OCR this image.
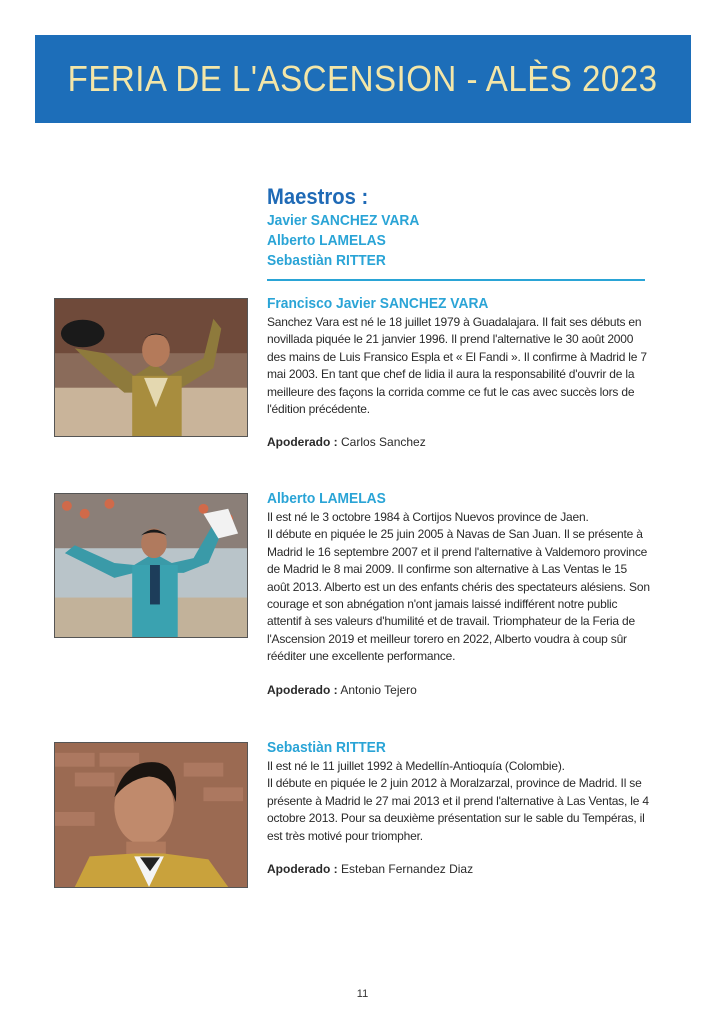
FERIA DE L'ASCENSION - ALÈS 2023
Maestros :
Javier SANCHEZ VARA
Alberto LAMELAS
Sebastiàn RITTER
Francisco Javier SANCHEZ VARA

Sanchez Vara est né le 18 juillet 1979 à Guadalajara. Il fait ses débuts en novillada piquée le 21 janvier 1996. Il prend l'alternative le 30 août 2000 des mains de Luis Fransico Espla et « El Fandi ». Il confirme à Madrid le 7 mai 2003. En tant que chef de lidia il aura la responsabilité d'ouvrir de la meilleure des façons la corrida comme ce fut le cas avec succès lors de l'édition précédente.

Apoderado : Carlos Sanchez
Alberto LAMELAS

Il est né le 3 octobre 1984 à Cortijos Nuevos province de Jaen.

Il débute en piquée le 25 juin 2005 à Navas de San Juan. Il se présente à Madrid le 16 septembre 2007 et il prend l'alternative à Valdemoro province de Madrid le 8 mai 2009. Il confirme son alternative à Las Ventas le 15 août 2013. Alberto est un des enfants chéris des spectateurs alésiens. Son courage et son abnégation n'ont jamais laissé indifférent notre public attentif à ses valeurs d'humilité et de travail. Triomphateur de la Feria de l'Ascension 2019 et meilleur torero en 2022, Alberto voudra à coup sûr rééditer une excellente performance.

Apoderado : Antonio Tejero
Sebastiàn RITTER

Il est né le 11 juillet 1992 à Medellín-Antioquía (Colombie).

Il débute en piquée le 2 juin 2012 à Moralzarzal, province de Madrid. Il se présente à Madrid le 27 mai 2013 et il prend l'alternative à Las Ventas, le 4 octobre 2013. Pour sa deuxième présentation sur le sable du Tempéras, il est très motivé pour triompher.

Apoderado : Esteban Fernandez Diaz
11
